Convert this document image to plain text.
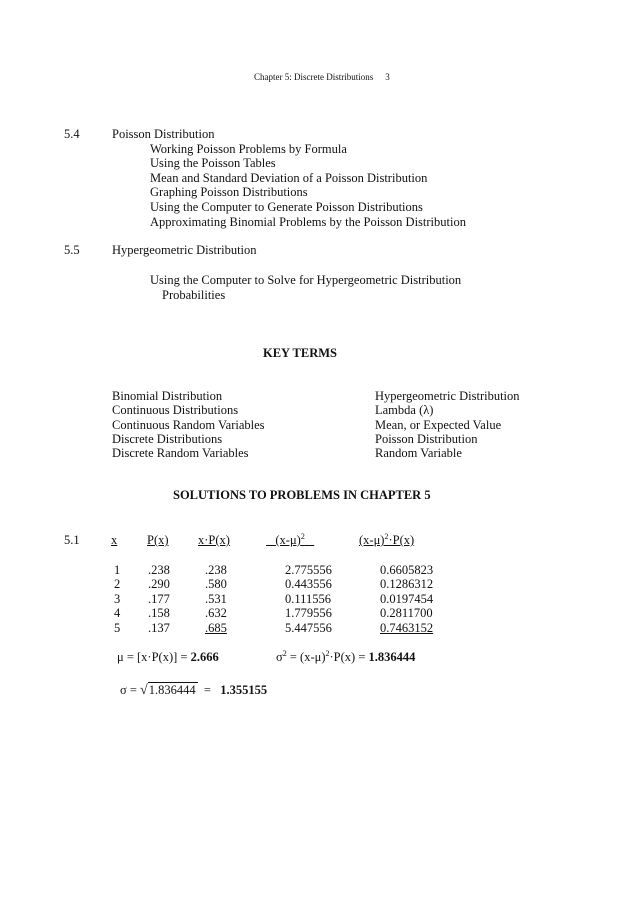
Chapter 5: Discrete Distributions 3
5.4	Poisson Distribution
Working Poisson Problems by Formula
Using the Poisson Tables
Mean and Standard Deviation of a Poisson Distribution
Graphing Poisson Distributions
Using the Computer to Generate Poisson Distributions
Approximating Binomial Problems by the Poisson Distribution
5.5	Hypergeometric Distribution
Using the Computer to Solve for Hypergeometric Distribution
Probabilities
KEY TERMS
Binomial Distribution
Continuous Distributions
Continuous Random Variables
Discrete Distributions
Discrete Random Variables
Hypergeometric Distribution
Lambda (λ)
Mean, or Expected Value
Poisson Distribution
Random Variable
SOLUTIONS TO PROBLEMS IN CHAPTER 5
5.1	x P(x) x·P(x)	$(x-\mu)^2$	$(x-\mu)^2\cdot P(x)$
1 .238	.238	2.775556	0.6605823
2 .290	.580	0.443556	0.1286312
3 .177	.531	0.111556	0.0197454
4 .158	.632	1.779556	0.2811700
5 .137	.685	5.447556	0.7463152
μ = [x·P(x)] = 2.666	$\sigma^2 = (x-\mu)^2\cdot P(x) = 1.836444$
σ = √1.836444  =   1.355155
